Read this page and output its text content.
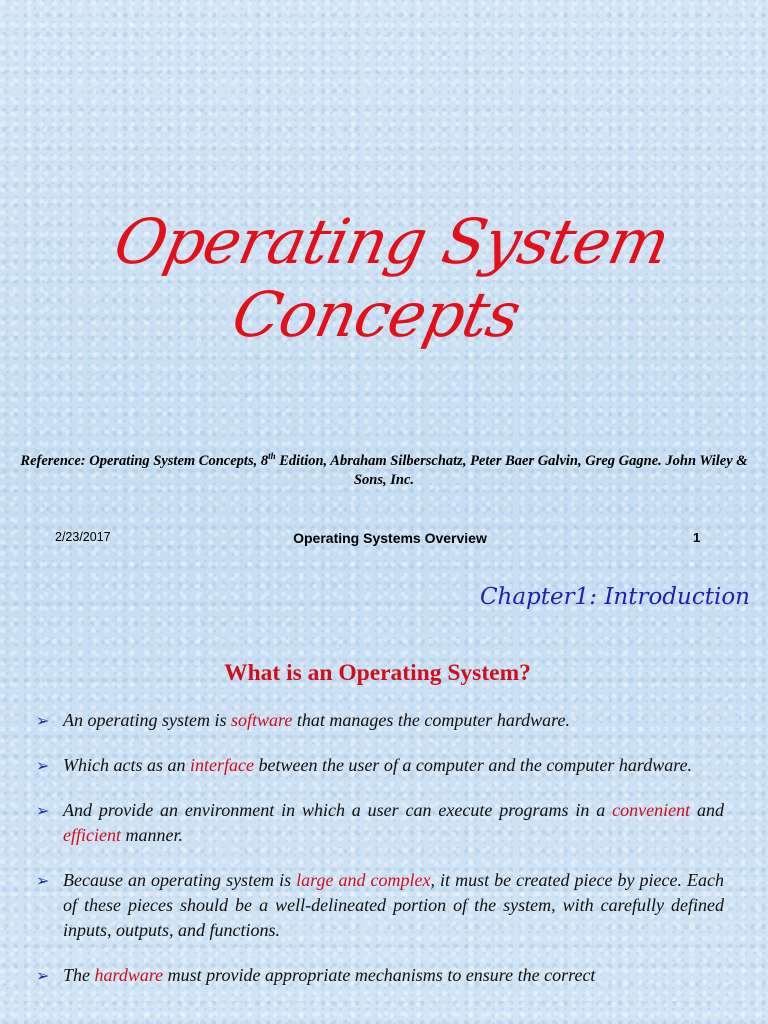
Operating System Concepts
Reference: Operating System Concepts, 8th Edition, Abraham Silberschatz, Peter Baer Galvin, Greg Gagne. John Wiley & Sons, Inc.
2/23/2017	Operating Systems Overview	1
Chapter1: Introduction
What is an Operating System?
➢ An operating system is software that manages the computer hardware.
➢ Which acts as an interface between the user of a computer and the computer hardware.
➢ And provide an environment in which a user can execute programs in a convenient and efficient manner.
➢ Because an operating system is large and complex, it must be created piece by piece. Each of these pieces should be a well-delineated portion of the system, with carefully defined inputs, outputs, and functions.
➢ The hardware must provide appropriate mechanisms to ensure the correct
